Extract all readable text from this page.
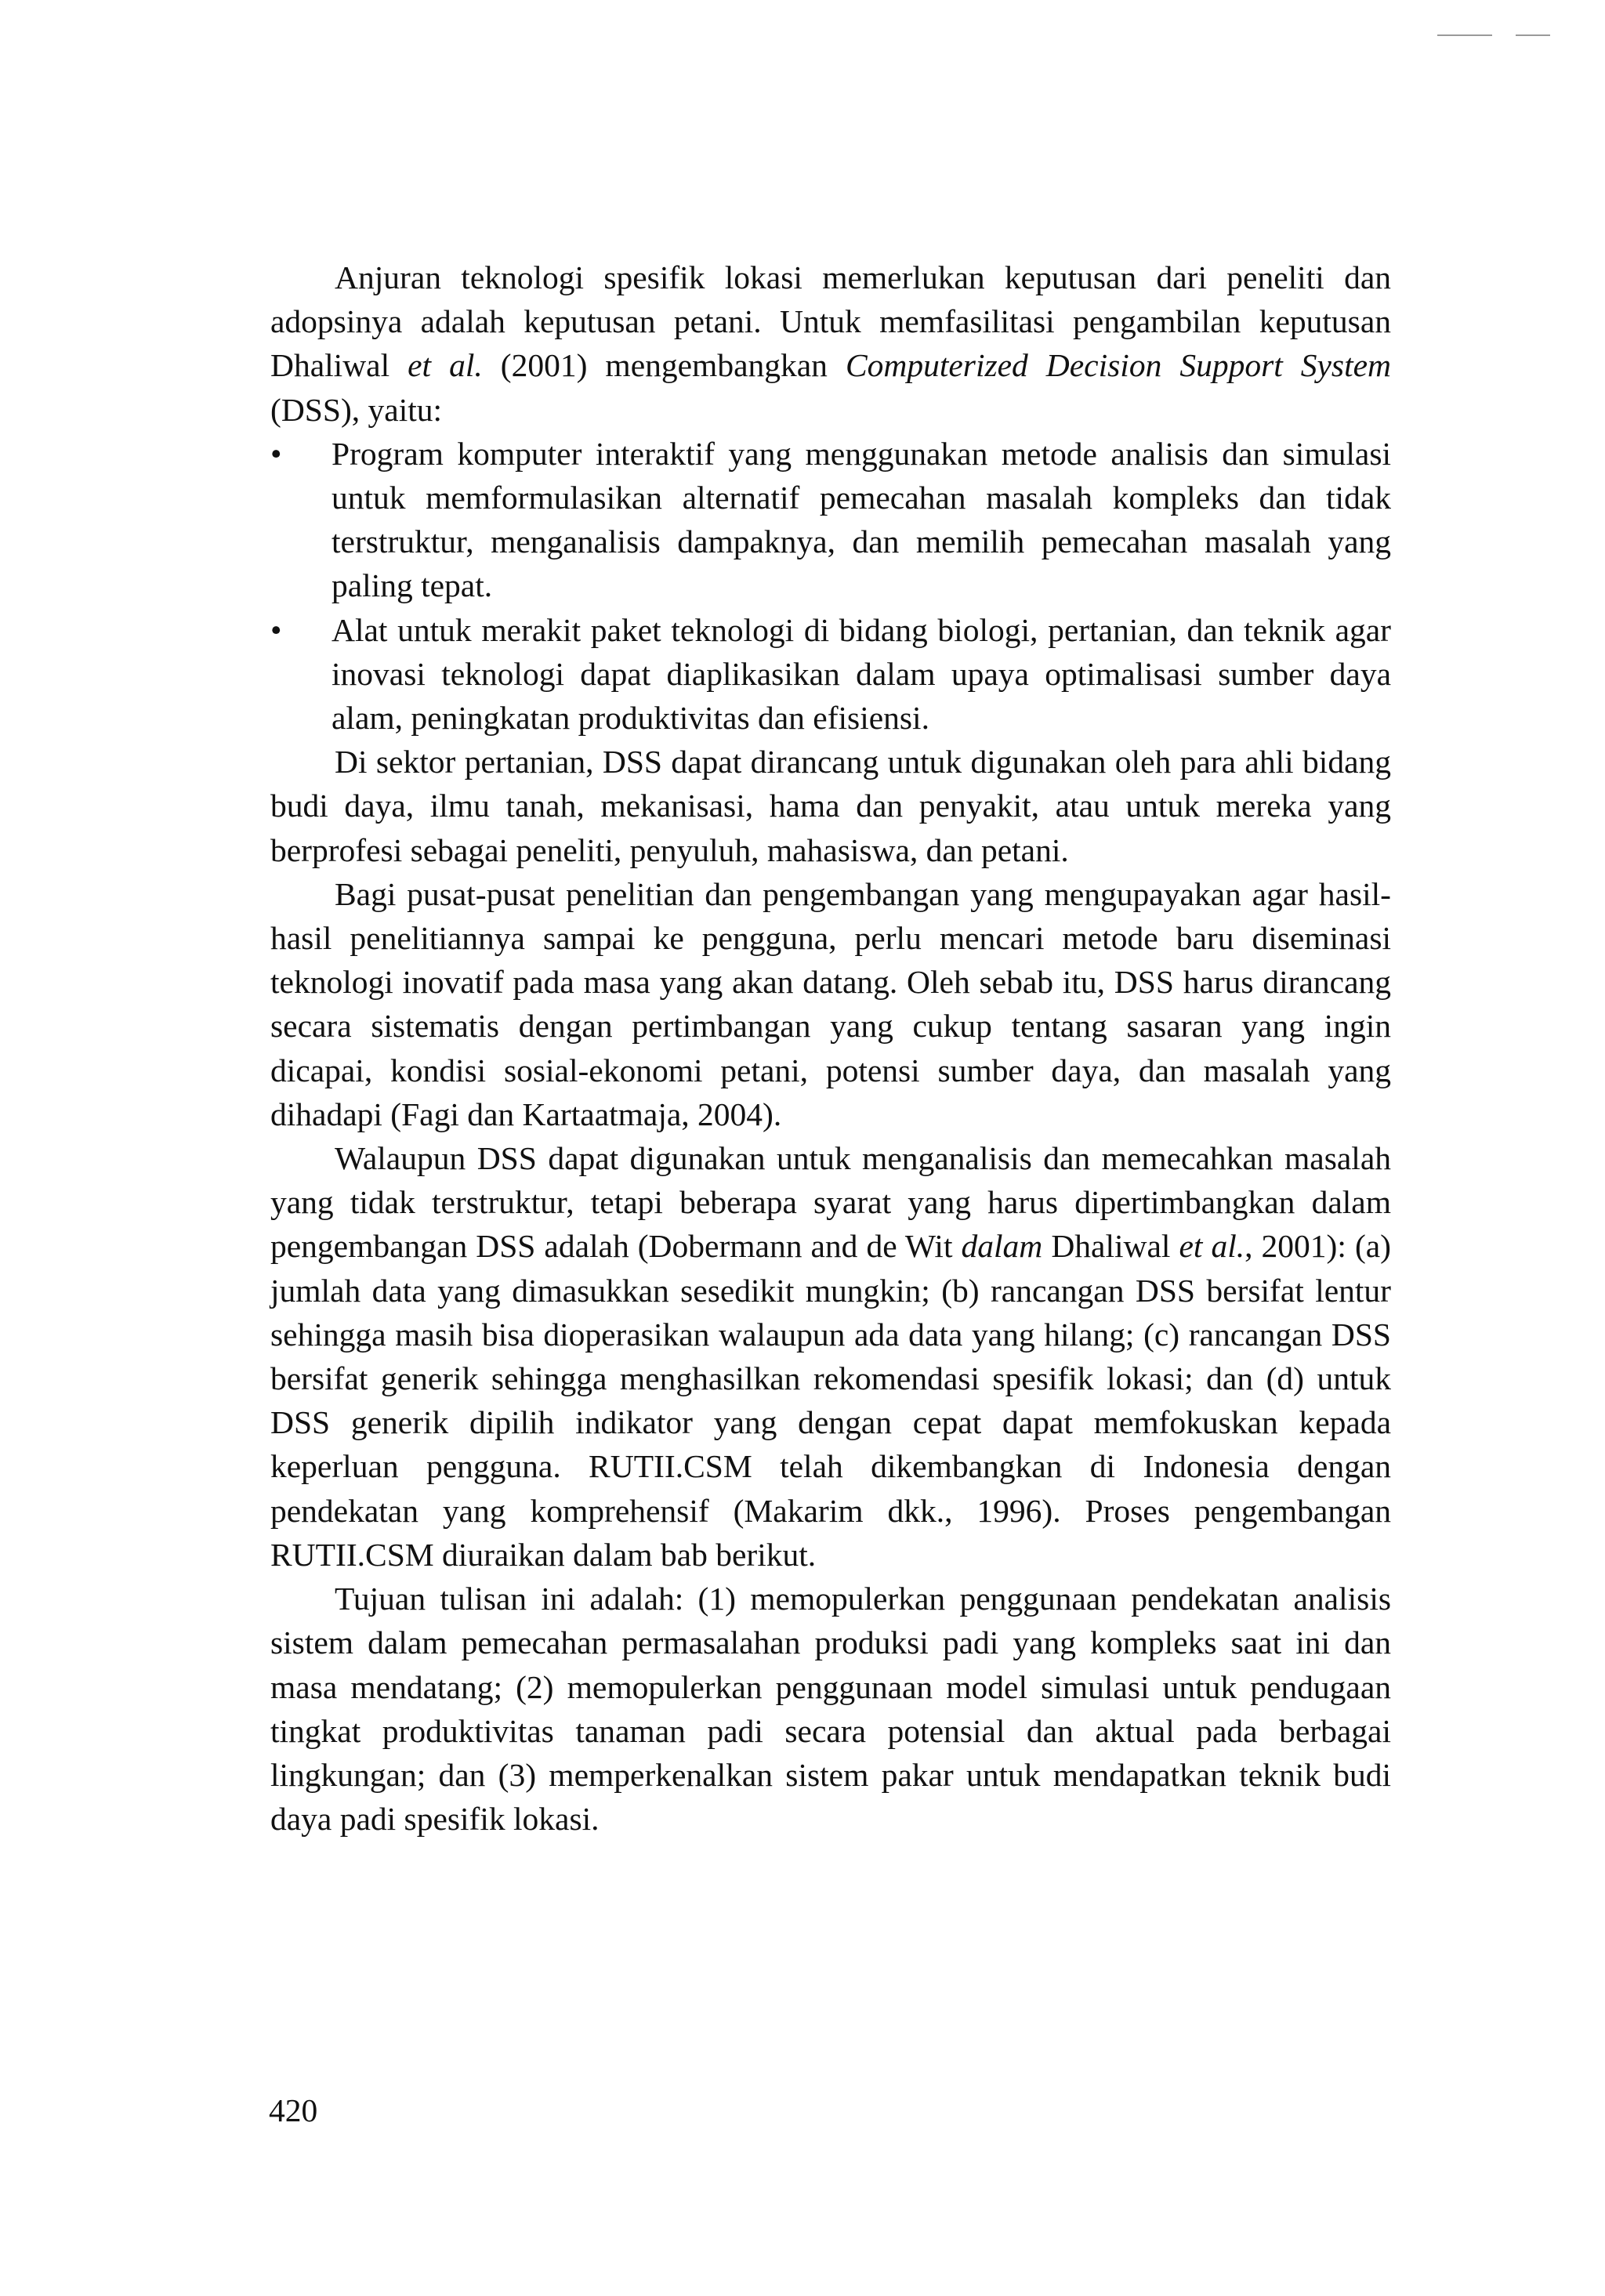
Anjuran teknologi spesifik lokasi memerlukan keputusan dari peneliti dan adopsinya adalah keputusan petani. Untuk memfasilitasi pengambilan keputusan Dhaliwal et al. (2001) mengembangkan Computerized Decision Support System (DSS), yaitu:

• Program komputer interaktif yang menggunakan metode analisis dan simulasi untuk memformulasikan alternatif pemecahan masalah kompleks dan tidak terstruktur, menganalisis dampaknya, dan memilih pemecahan masalah yang paling tepat.
• Alat untuk merakit paket teknologi di bidang biologi, pertanian, dan teknik agar inovasi teknologi dapat diaplikasikan dalam upaya optimalisasi sumber daya alam, peningkatan produktivitas dan efisiensi.

Di sektor pertanian, DSS dapat dirancang untuk digunakan oleh para ahli bidang budi daya, ilmu tanah, mekanisasi, hama dan penyakit, atau untuk mereka yang berprofesi sebagai peneliti, penyuluh, mahasiswa, dan petani.

Bagi pusat-pusat penelitian dan pengembangan yang mengupayakan agar hasil-hasil penelitiannya sampai ke pengguna, perlu mencari metode baru diseminasi teknologi inovatif pada masa yang akan datang. Oleh sebab itu, DSS harus dirancang secara sistematis dengan pertimbangan yang cukup tentang sasaran yang ingin dicapai, kondisi sosial-ekonomi petani, potensi sumber daya, dan masalah yang dihadapi (Fagi dan Kartaatmaja, 2004).

Walaupun DSS dapat digunakan untuk menganalisis dan memecahkan masalah yang tidak terstruktur, tetapi beberapa syarat yang harus dipertimbangkan dalam pengembangan DSS adalah (Dobermann and de Wit dalam Dhaliwal et al., 2001): (a) jumlah data yang dimasukkan sesedikit mungkin; (b) rancangan DSS bersifat lentur sehingga masih bisa dioperasikan walaupun ada data yang hilang; (c) rancangan DSS bersifat generik sehingga menghasilkan rekomendasi spesifik lokasi; dan (d) untuk DSS generik dipilih indikator yang dengan cepat dapat memfokuskan kepada keperluan pengguna. RUTII.CSM telah dikembangkan di Indonesia dengan pendekatan yang komprehensif (Makarim dkk., 1996). Proses pengembangan RUTII.CSM diuraikan dalam bab berikut.

Tujuan tulisan ini adalah: (1) memopulerkan penggunaan pendekatan analisis sistem dalam pemecahan permasalahan produksi padi yang kompleks saat ini dan masa mendatang; (2) memopulerkan penggunaan model simulasi untuk pendugaan tingkat produktivitas tanaman padi secara potensial dan aktual pada berbagai lingkungan; dan (3) memperkenalkan sistem pakar untuk mendapatkan teknik budi daya padi spesifik lokasi.

420
